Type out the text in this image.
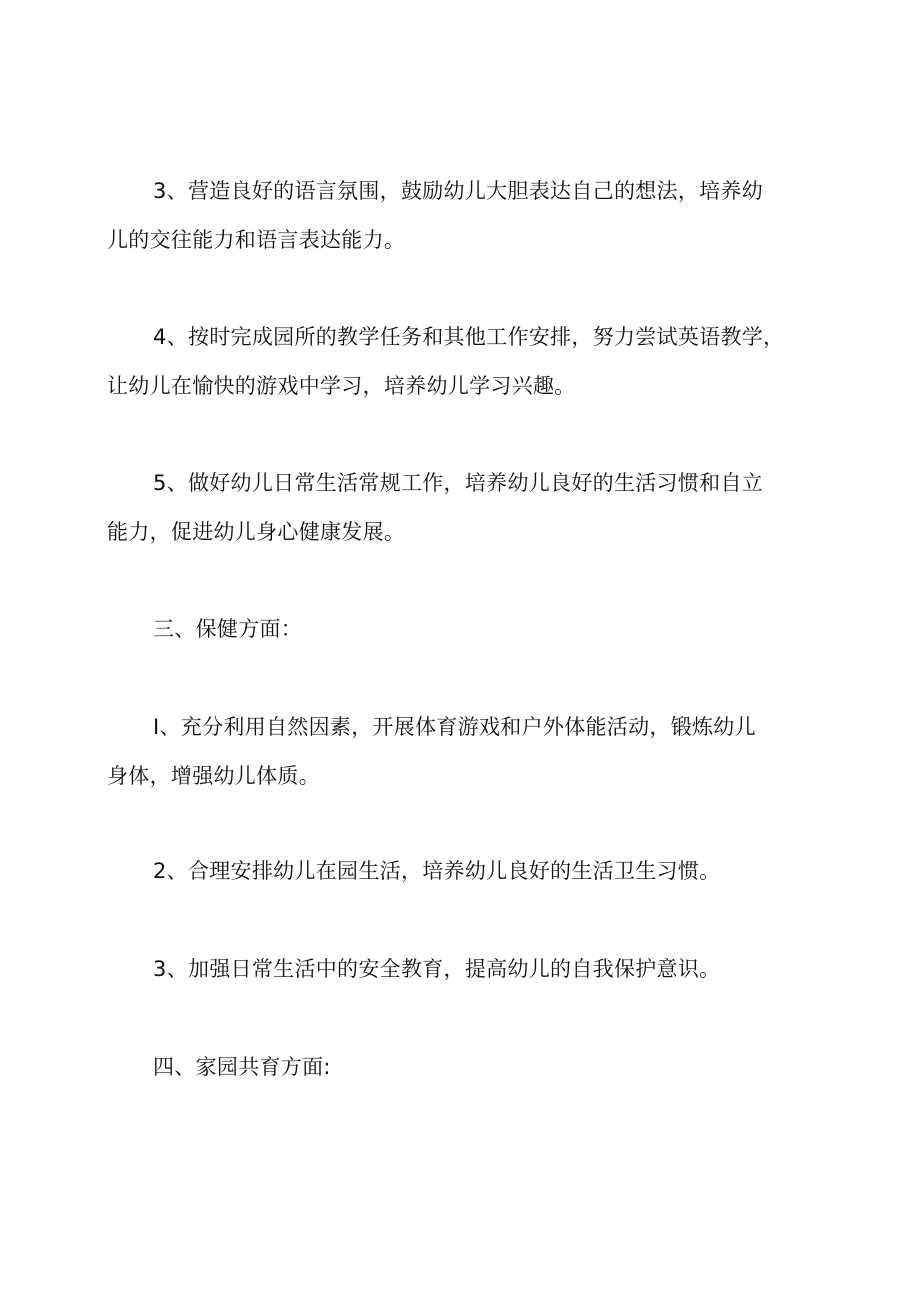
3、营造良好的语言氛围，鼓励幼儿大胆表达自己的想法，培养幼

儿的交往能力和语言表达能力。

4、按时完成园所的教学任务和其他工作安排，努力尝试英语教学，

让幼儿在愉快的游戏中学习，培养幼儿学习兴趣。

5、做好幼儿日常生活常规工作，培养幼儿良好的生活习惯和自立

能力，促进幼儿身心健康发展。

三、保健方面：

I、充分利用自然因素，开展体育游戏和户外体能活动，锻炼幼儿

身体，增强幼儿体质。

2、合理安排幼儿在园生活，培养幼儿良好的生活卫生习惯。

3、加强日常生活中的安全教育，提高幼儿的自我保护意识。

四、家园共育方面:
